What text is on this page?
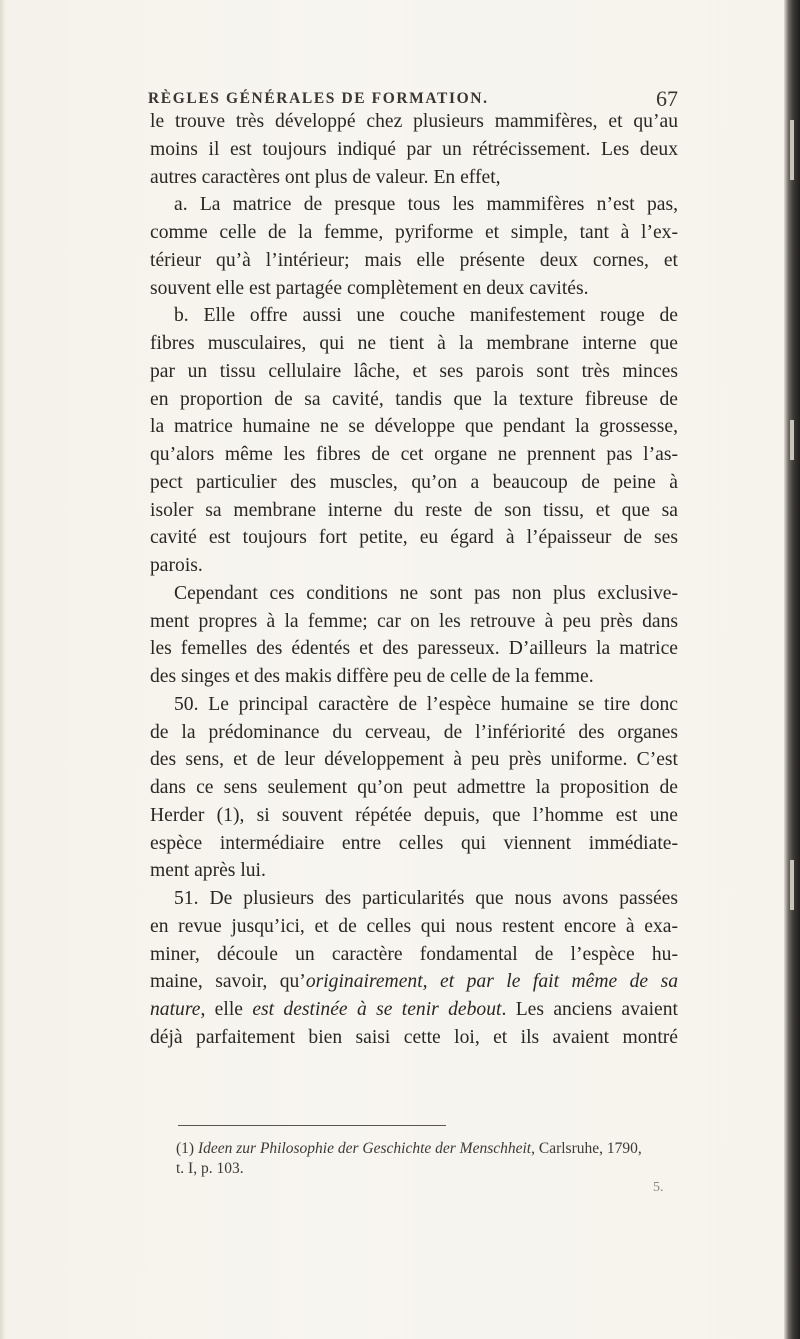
RÈGLES GÉNÉRALES DE FORMATION.	67
le trouve très développé chez plusieurs mammifères, et qu’au
moins il est toujours indiqué par un rétrécissement. Les deux
autres caractères ont plus de valeur. En effet,
a. La matrice de presque tous les mammifères n’est pas,
comme celle de la femme, pyriforme et simple, tant à l’ex-
térieur qu’à l’intérieur; mais elle présente deux cornes, et
souvent elle est partagée complètement en deux cavités.
b. Elle offre aussi une couche manifestement rouge de
fibres musculaires, qui ne tient à la membrane interne que
par un tissu cellulaire lâche, et ses parois sont très minces
en proportion de sa cavité, tandis que la texture fibreuse de
la matrice humaine ne se développe que pendant la grossesse,
qu’alors même les fibres de cet organe ne prennent pas l’as-
pect particulier des muscles, qu’on a beaucoup de peine à
isoler sa membrane interne du reste de son tissu, et que sa
cavité est toujours fort petite, eu égard à l’épaisseur de ses
parois.
Cependant ces conditions ne sont pas non plus exclusive-
ment propres à la femme; car on les retrouve à peu près dans
les femelles des édentés et des paresseux. D’ailleurs la matrice
des singes et des makis diffère peu de celle de la femme.
50. Le principal caractère de l’espèce humaine se tire donc
de la prédominance du cerveau, de l’infériorité des organes
des sens, et de leur développement à peu près uniforme. C’est
dans ce sens seulement qu’on peut admettre la proposition de
Herder (1), si souvent répétée depuis, que l’homme est une
espèce intermédiaire entre celles qui viennent immédiate-
ment après lui.
51. De plusieurs des particularités que nous avons passées
en revue jusqu’ici, et de celles qui nous restent encore à exa-
miner, découle un caractère fondamental de l’espèce hu-
maine, savoir, qu’originairement, et par le fait même de sa
nature, elle est destinée à se tenir debout. Les anciens avaient
déjà parfaitement bien saisi cette loi, et ils avaient montré
(1) Ideen zur Philosophie der Geschichte der Menschheit, Carlsruhe, 1790,
t. I, p. 103.
5.
